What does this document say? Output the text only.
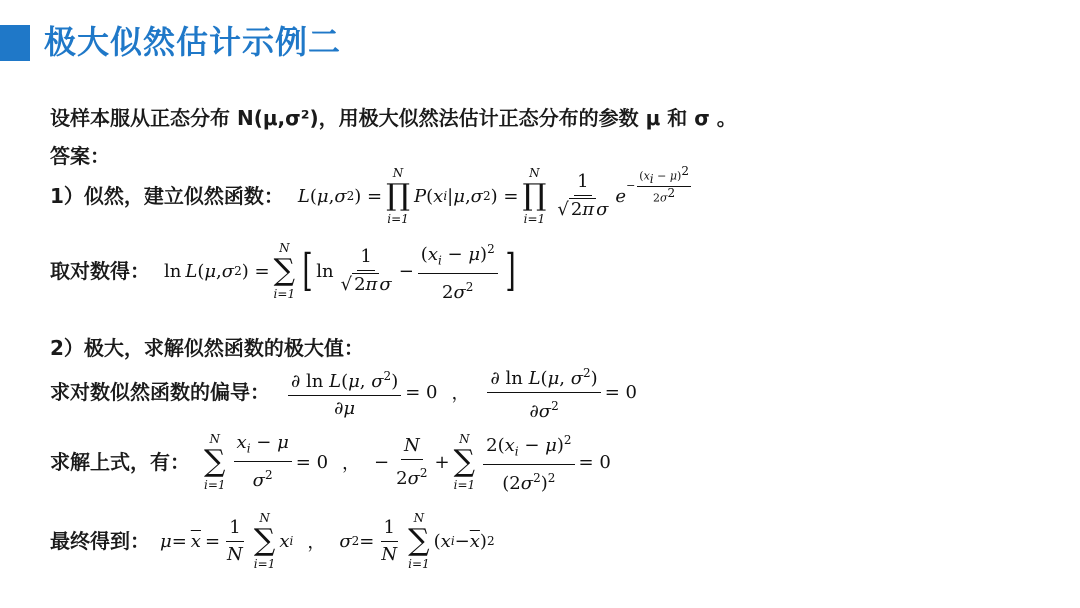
极大似然估计示例二
设样本服从正态分布 N(μ,σ²)，用极大似然法估计正态分布的参数 μ 和 σ 。
答案：
1）似然，建立似然函数： L ( μ , σ 2 ) =
N
∏
i=1
P ( x i | μ , σ 2 ) =
N
∏
$i=1 \frac{1}{\text{√ 2π σ}}$ e
− $\frac{(xi - \mu)2}{2\sigma 2}$
取对数得： ln L ( μ , σ 2 ) =
N
∑
i=1 [ $\ln \frac{1}{\text{√ 2π σ}} - \frac{(x_i - \mu)^2}{2\sigma^2}$ ]
2）极大，求解似然函数的极大值：
求对数似然函数的偏导： $\frac{\partial \ln L(\mu, \sigma^2)}{\partial\mu} = 0$ ， $\frac{\partial \ln L(\mu, \sigma^2)}{\partial\sigma^2} = 0$
求解上式，有：
N
∑
$i=1 \frac{x_i - \mu}{\sigma^2} = 0$ ， − $\frac{N}{2\sigma^2}$ +
N
∑
$i=1 \frac{2(x_i - \mu)^2}{(2\sigma^2)^2} = 0$
最终得到： $\mu = \overline{x} = \frac{1}{N}$ N
∑
i=1
x i ， σ $2 = \frac{1}{N}$ N
∑
i=1
( x $i - \overline{x}$ ) 2
